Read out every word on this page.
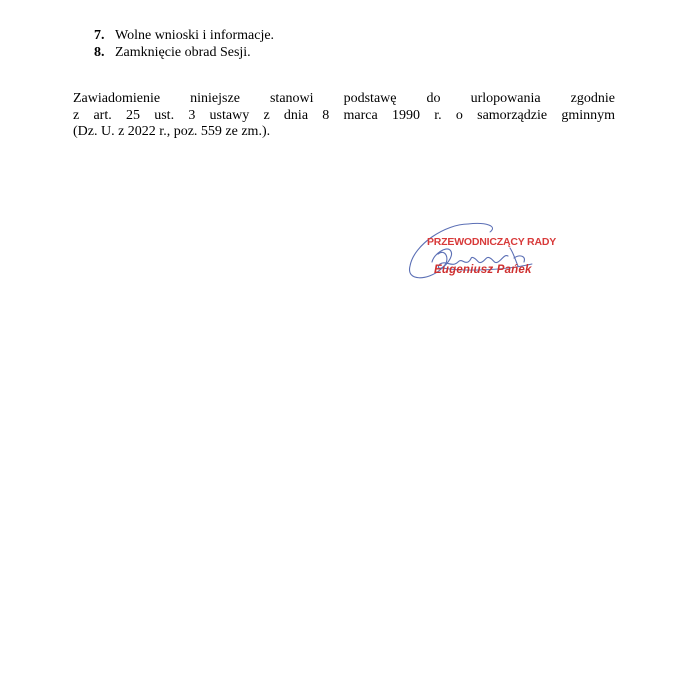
7. Wolne wnioski i informacje.
8. Zamknięcie obrad Sesji.
Zawiadomienie niniejsze stanowi podstawę do urlopowania zgodnie
z art. 25 ust. 3 ustawy z dnia 8 marca 1990 r. o samorządzie gminnym
(Dz. U. z 2022 r., poz. 559 ze zm.).
PRZEWODNICZĄCY RADY
Eugeniusz Pańek
